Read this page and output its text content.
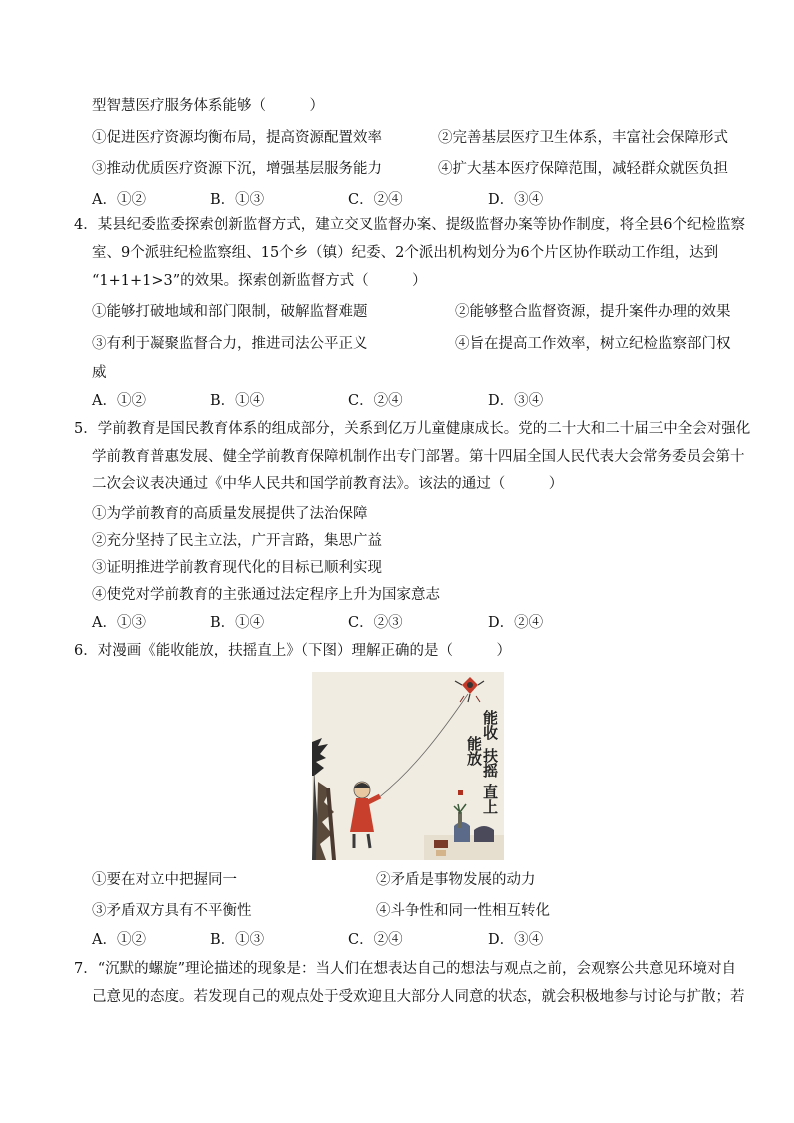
型智慧医疗服务体系能够（　　　）
①促进医疗资源均衡布局，提高资源配置效率	②完善基层医疗卫生体系，丰富社会保障形式
③推动优质医疗资源下沉，增强基层服务能力	④扩大基本医疗保障范围，减轻群众就医负担
A．①②	B．①③	C．②④	D．③④
4．某县纪委监委探索创新监督方式，建立交叉监督办案、提级监督办案等协作制度，将全县6个纪检监察
室、9个派驻纪检监察组、15个乡（镇）纪委、2个派出机构划分为6个片区协作联动工作组，达到
“1+1+1>3”的效果。探索创新监督方式（　　　）
①能够打破地域和部门限制，破解监督难题	②能够整合监督资源，提升案件办理的效果
③有利于凝聚监督合力，推进司法公平正义	④旨在提高工作效率，树立纪检监察部门权
威
A．①②	B．①④	C．②④	D．③④
5．学前教育是国民教育体系的组成部分，关系到亿万儿童健康成长。党的二十大和二十届三中全会对强化
学前教育普惠发展、健全学前教育保障机制作出专门部署。第十四届全国人民代表大会常务委员会第十
二次会议表决通过《中华人民共和国学前教育法》。该法的通过（　　　）
①为学前教育的高质量发展提供了法治保障
②充分坚持了民主立法，广开言路，集思广益
③证明推进学前教育现代化的目标已顺利实现
④使党对学前教育的主张通过法定程序上升为国家意志
A．①③	B．①④	C．②③	D．②④
6．对漫画《能收能放，扶摇直上》（下图）理解正确的是（　　　）
能收
能放
扶摇
直上
①要在对立中把握同一	②矛盾是事物发展的动力
③矛盾双方具有不平衡性	④斗争性和同一性相互转化
A．①②	B．①③	C．②④	D．③④
7．“沉默的螺旋”理论描述的现象是：当人们在想表达自己的想法与观点之前，会观察公共意见环境对自
己意见的态度。若发现自己的观点处于受欢迎且大部分人同意的状态，就会积极地参与讨论与扩散；若
